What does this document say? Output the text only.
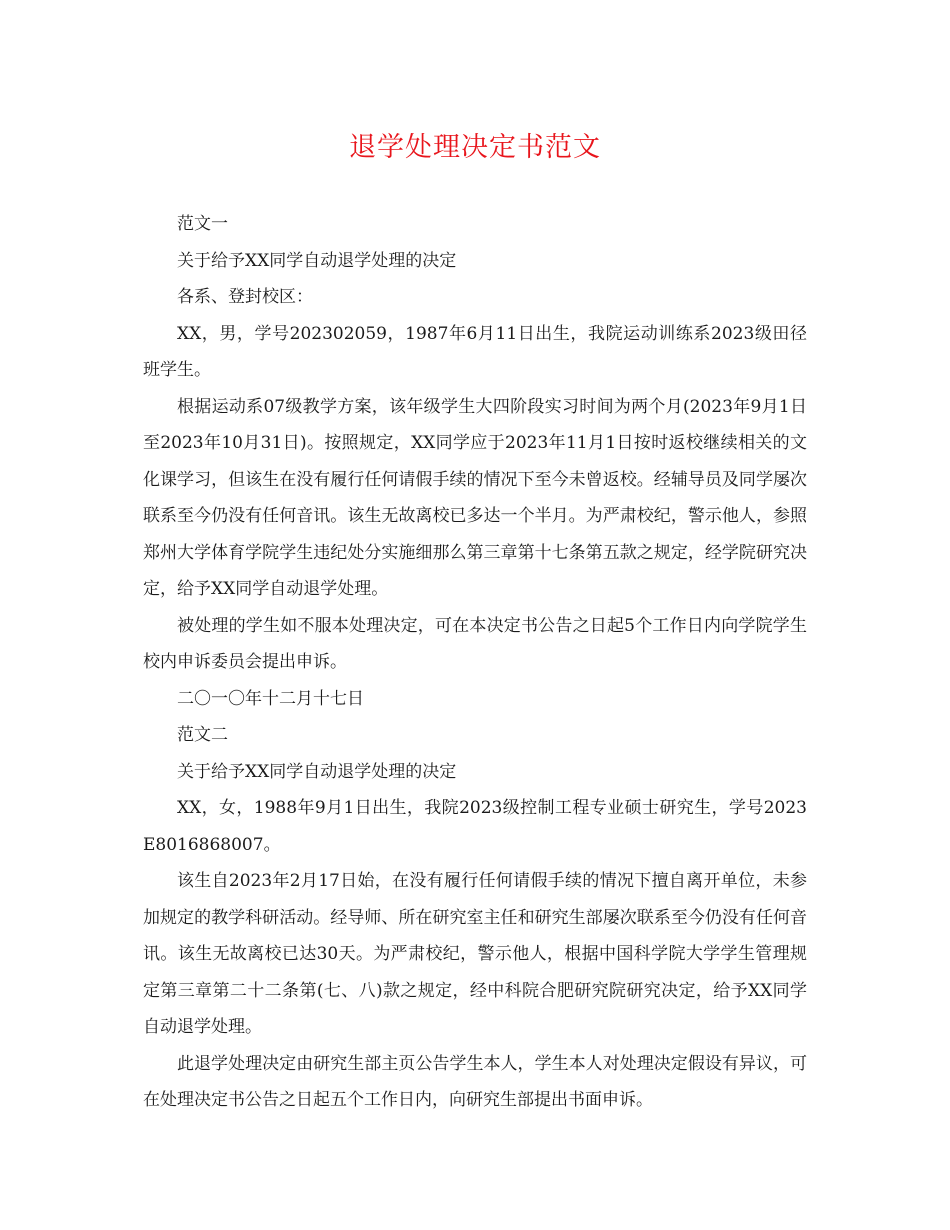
退学处理决定书范文

范文一

关于给予XX同学自动退学处理的决定

各系、登封校区：

XX，男，学号202302059，1987年6月11日出生，我院运动训练系2023级田径班学生。

根据运动系07级教学方案，该年级学生大四阶段实习时间为两个月(2023年9月1日至2023年10月31日)。按照规定，XX同学应于2023年11月1日按时返校继续相关的文化课学习，但该生在没有履行任何请假手续的情况下至今未曾返校。经辅导员及同学屡次联系至今仍没有任何音讯。该生无故离校已多达一个半月。为严肃校纪，警示他人，参照郑州大学体育学院学生违纪处分实施细那么第三章第十七条第五款之规定，经学院研究决定，给予XX同学自动退学处理。

被处理的学生如不服本处理决定，可在本决定书公告之日起5个工作日内向学院学生校内申诉委员会提出申诉。

二〇一〇年十二月十七日

范文二

关于给予XX同学自动退学处理的决定

XX，女，1988年9月1日出生，我院2023级控制工程专业硕士研究生，学号2023E8016868007。

该生自2023年2月17日始，在没有履行任何请假手续的情况下擅自离开单位，未参加规定的教学科研活动。经导师、所在研究室主任和研究生部屡次联系至今仍没有任何音讯。该生无故离校已达30天。为严肃校纪，警示他人，根据中国科学院大学学生管理规定第三章第二十二条第(七、八)款之规定，经中科院合肥研究院研究决定，给予XX同学自动退学处理。

此退学处理决定由研究生部主页公告学生本人，学生本人对处理决定假设有异议，可在处理决定书公告之日起五个工作日内，向研究生部提出书面申诉。
